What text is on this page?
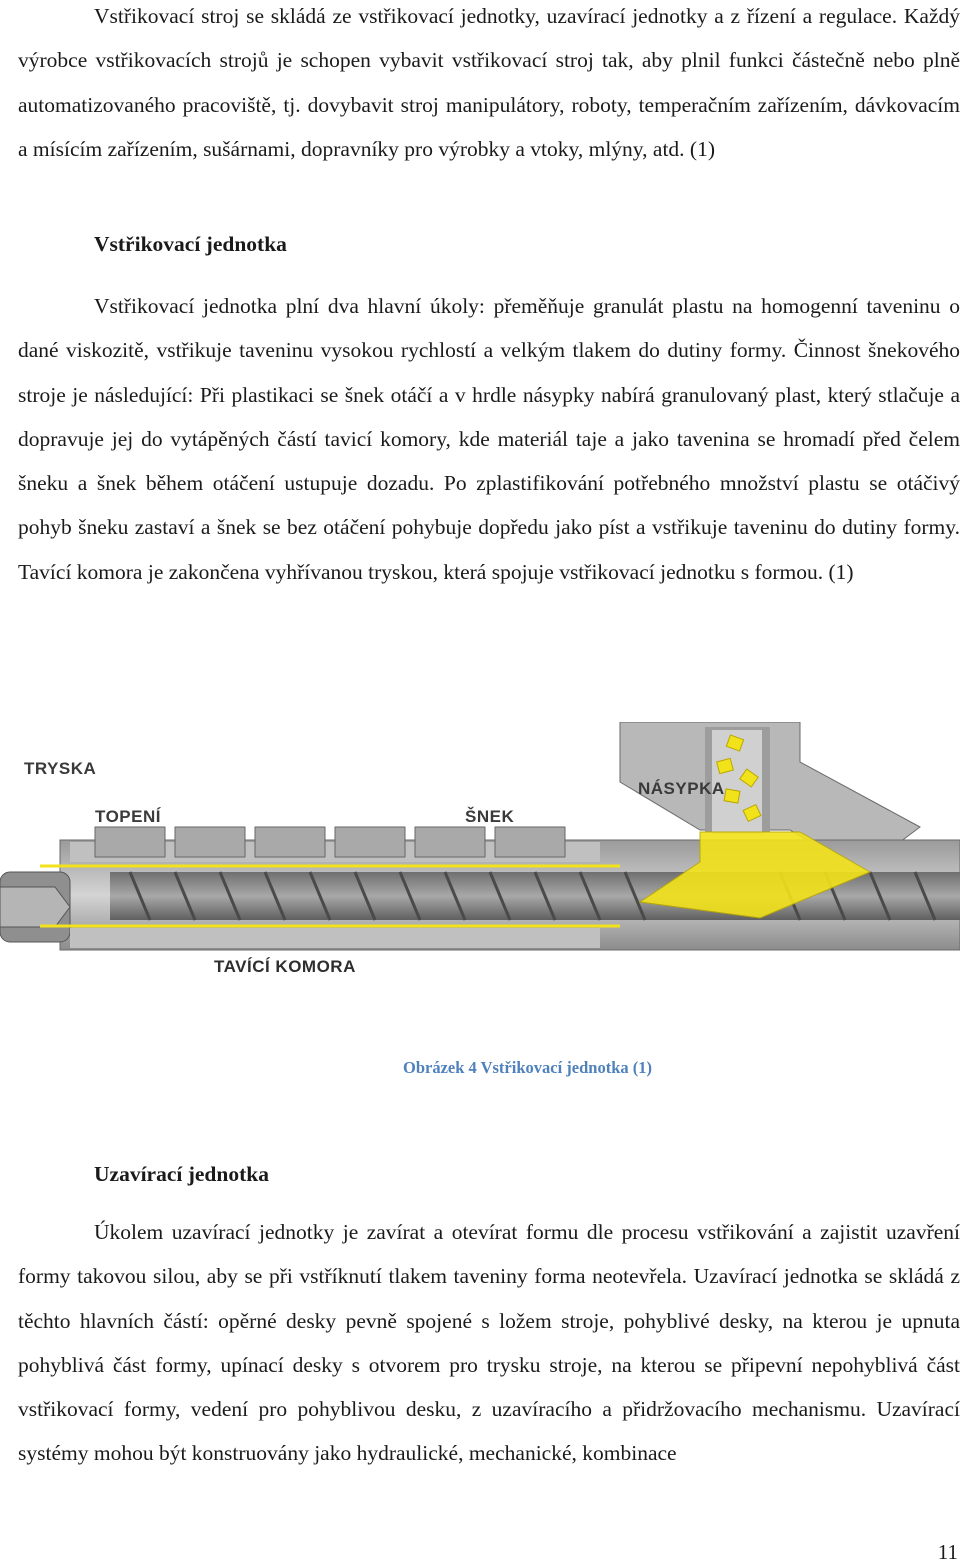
Vstřikovací stroj se skládá ze vstřikovací jednotky, uzavírací jednotky a z řízení a regulace. Každý výrobce vstřikovacích strojů je schopen vybavit vstřikovací stroj tak, aby plnil funkci částečně nebo plně automatizovaného pracoviště, tj. dovybavit stroj manipulátory, roboty, temperačním zařízením, dávkovacím a mísícím zařízením, sušárnami, dopravníky pro výrobky a vtoky, mlýny, atd. (1)

Vstřikovací jednotka

Vstřikovací jednotka plní dva hlavní úkoly: přeměňuje granulát plastu na homogenní taveninu o dané viskozitě, vstřikuje taveninu vysokou rychlostí a velkým tlakem do dutiny formy. Činnost šnekového stroje je následující: Při plastikaci se šnek otáčí a v hrdle násypky nabírá granulovaný plast, který stlačuje a dopravuje jej do vytápěných částí tavicí komory, kde materiál taje a jako tavenina se hromadí před čelem šneku a šnek během otáčení ustupuje dozadu. Po zplastifikování potřebného množství plastu se otáčivý pohyb šneku zastaví a šnek se bez otáčení pohybuje dopředu jako píst a vstřikuje taveninu do dutiny formy. Tavící komora je zakončena vyhřívanou tryskou, která spojuje vstřikovací jednotku s formou. (1)

TRYSKA
TOPENÍ	ŠNEK
NÁSYPKA
TAVÍCÍ KOMORA
Obrázek 4 Vstřikovací jednotka (1)
Uzavírací jednotka

Úkolem uzavírací jednotky je zavírat a otevírat formu dle procesu vstřikování a zajistit uzavření formy takovou silou, aby se při vstříknutí tlakem taveniny forma neotevřela. Uzavírací jednotka se skládá z těchto hlavních částí: opěrné desky pevně spojené s ložem stroje, pohyblivé desky, na kterou je upnuta pohyblivá část formy, upínací desky s otvorem pro trysku stroje, na kterou se připevní nepohyblivá část vstřikovací formy, vedení pro pohyblivou desku, z uzavíracího a přidržovacího mechanismu. Uzavírací systémy mohou být konstruovány jako hydraulické, mechanické, kombinace

11
